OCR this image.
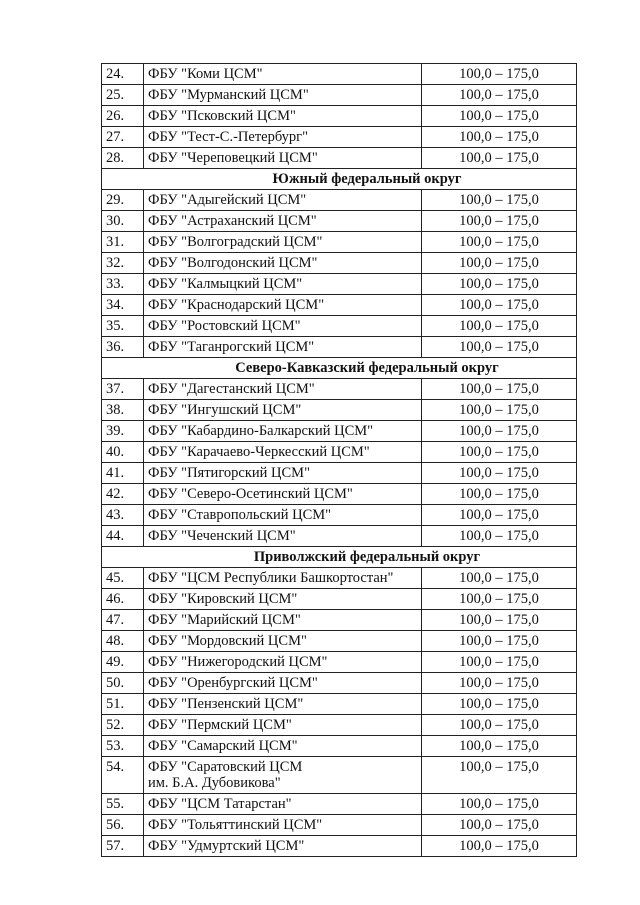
24.	ФБУ "Коми ЦСМ"	100,0 – 175,0
25.	ФБУ "Мурманский ЦСМ"	100,0 – 175,0
26.	ФБУ "Псковский ЦСМ"	100,0 – 175,0
27.	ФБУ "Тест-С.-Петербург"	100,0 – 175,0
28.	ФБУ "Череповецкий ЦСМ"	100,0 – 175,0
Южный федеральный округ		
29.	ФБУ "Адыгейский ЦСМ"	100,0 – 175,0
30.	ФБУ "Астраханский ЦСМ"	100,0 – 175,0
31.	ФБУ "Волгоградский ЦСМ"	100,0 – 175,0
32.	ФБУ "Волгодонский ЦСМ"	100,0 – 175,0
33.	ФБУ "Калмыцкий ЦСМ"	100,0 – 175,0
34.	ФБУ "Краснодарский ЦСМ"	100,0 – 175,0
35.	ФБУ "Ростовский ЦСМ"	100,0 – 175,0
36.	ФБУ "Таганрогский ЦСМ"	100,0 – 175,0
Северо-Кавказский федеральный округ		
37.	ФБУ "Дагестанский ЦСМ"	100,0 – 175,0
38.	ФБУ "Ингушский ЦСМ"	100,0 – 175,0
39.	ФБУ "Кабардино-Балкарский ЦСМ"	100,0 – 175,0
40.	ФБУ "Карачаево-Черкесский ЦСМ"	100,0 – 175,0
41.	ФБУ "Пятигорский ЦСМ"	100,0 – 175,0
42.	ФБУ "Северо-Осетинский ЦСМ"	100,0 – 175,0
43.	ФБУ "Ставропольский ЦСМ"	100,0 – 175,0
44.	ФБУ "Чеченский ЦСМ"	100,0 – 175,0
Приволжский федеральный округ		
45.	ФБУ "ЦСМ Республики Башкортостан"	100,0 – 175,0
46.	ФБУ "Кировский ЦСМ"	100,0 – 175,0
47.	ФБУ "Марийский ЦСМ"	100,0 – 175,0
48.	ФБУ "Мордовский ЦСМ"	100,0 – 175,0
49.	ФБУ "Нижегородский ЦСМ"	100,0 – 175,0
50.	ФБУ "Оренбургский ЦСМ"	100,0 – 175,0
51.	ФБУ "Пензенский ЦСМ"	100,0 – 175,0
52.	ФБУ "Пермский ЦСМ"	100,0 – 175,0
53.	ФБУ "Самарский ЦСМ"	100,0 – 175,0
54.	ФБУ "Саратовский ЦСМ
им. Б.А. Дубовикова"	100,0 – 175,0
55.	ФБУ "ЦСМ Татарстан"	100,0 – 175,0
56.	ФБУ "Тольяттинский ЦСМ"	100,0 – 175,0
57.	ФБУ "Удмуртский ЦСМ"	100,0 – 175,0
